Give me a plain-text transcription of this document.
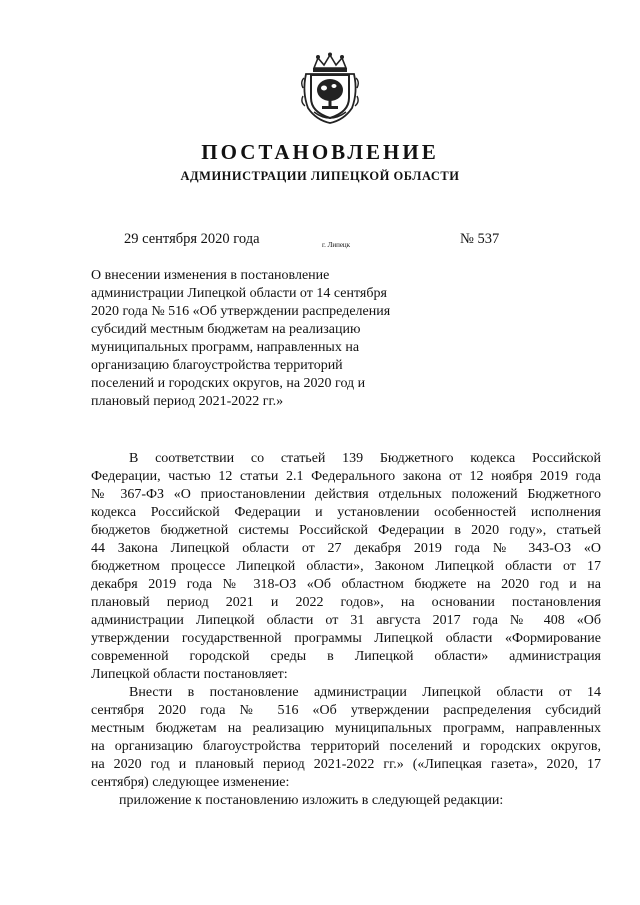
ПОСТАНОВЛЕНИЕ
АДМИНИСТРАЦИИ ЛИПЕЦКОЙ ОБЛАСТИ
29 сентября 2020 года	г. Липецк	№ 537
О внесении изменения в постановление
администрации Липецкой области от 14 сентября
2020 года № 516 «Об утверждении распределения
субсидий местным бюджетам на реализацию
муниципальных программ, направленных на
организацию благоустройства территорий
поселений и городских округов, на 2020 год и
плановый период 2021-2022 гг.»
В соответствии со статьей 139 Бюджетного кодекса Российской
Федерации, частью 12 статьи 2.1 Федерального закона от 12 ноября 2019 года
№ 367-ФЗ «О приостановлении действия отдельных положений Бюджетного
кодекса Российской Федерации и установлении особенностей исполнения
бюджетов бюджетной системы Российской Федерации в 2020 году», статьей
44 Закона Липецкой области от 27 декабря 2019 года № 343-ОЗ «О
бюджетном процессе Липецкой области», Законом Липецкой области от 17
декабря 2019 года № 318-ОЗ «Об областном бюджете на 2020 год и на
плановый период 2021 и 2022 годов», на основании постановления
администрации Липецкой области от 31 августа 2017 года № 408 «Об
утверждении государственной программы Липецкой области «Формирование
современной городской среды в Липецкой области» администрация
Липецкой области постановляет:
Внести в постановление администрации Липецкой области от 14
сентября 2020 года № 516 «Об утверждении распределения субсидий
местным бюджетам на реализацию муниципальных программ, направленных
на организацию благоустройства территорий поселений и городских округов,
на 2020 год и плановый период 2021-2022 гг.» («Липецкая газета», 2020, 17
сентября) следующее изменение:
приложение к постановлению изложить в следующей редакции:
